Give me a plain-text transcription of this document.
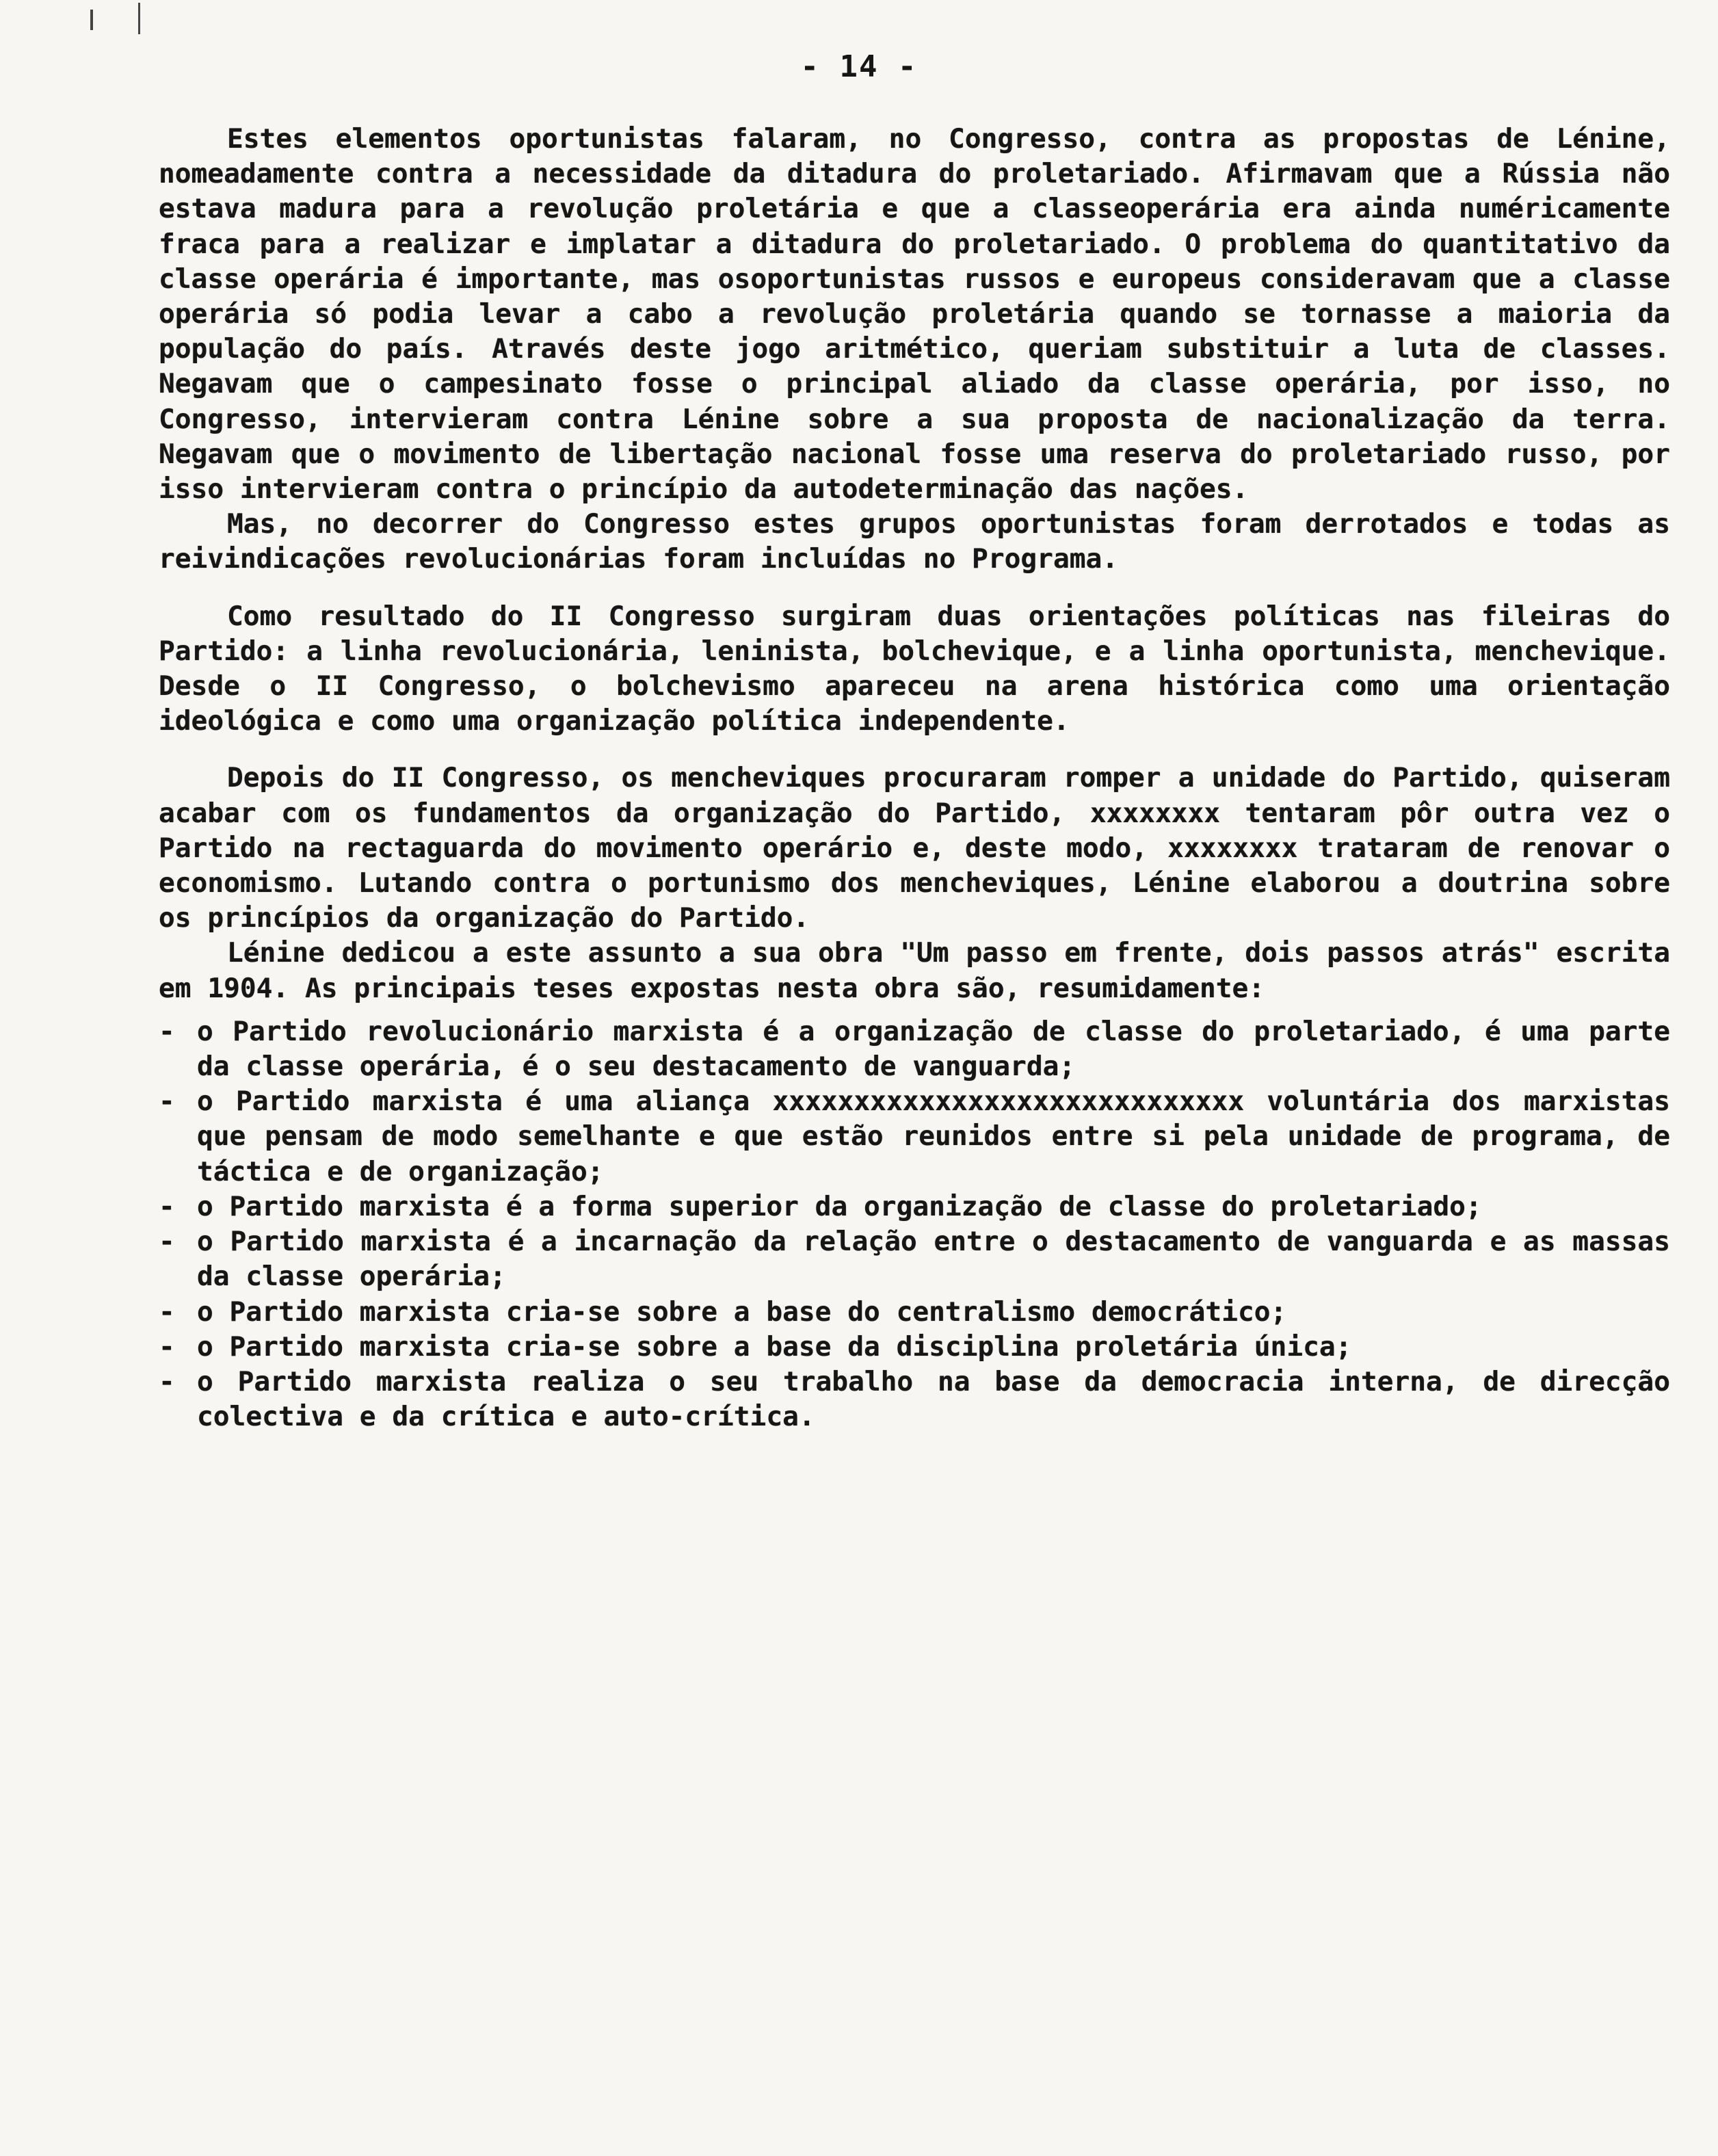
- 14 -

Estes elementos oportunistas falaram, no Congresso, contra as propostas de Lénine, nomeadamente contra a necessidade da ditadura do proletariado. Afirmavam que a Rússia não estava madura para a revolução proletária e que a classeoperária era ainda numéricamente fraca para a realizar e implatar a ditadura do proletariado. O problema do quantitativo da classe operária é importante, mas osoportunistas russos e europeus consideravam que a classe operária só podia levar a cabo a revolução proletária quando se tornasse a maioria da população do país. Através deste jogo aritmético, queriam substituir a luta de classes. Negavam que o campesinato fosse o principal aliado da classe operária, por isso, no Congresso, intervieram contra Lénine sobre a sua proposta de nacionalização da terra. Negavam que o movimento de libertação nacional fosse uma reserva do proletariado russo, por isso intervieram contra o princípio da autodeterminação das nações.

Mas, no decorrer do Congresso estes grupos oportunistas foram derrotados e todas as reivindicações revolucionárias foram incluídas no Programa.

Como resultado do II Congresso surgiram duas orientações políticas nas fileiras do Partido: a linha revolucionária, leninista, bolchevique, e a linha oportunista, menchevique. Desde o II Congresso, o bolchevismo apareceu na arena histórica como uma orientação ideológica e como uma organização política independente.

Depois do II Congresso, os mencheviques procuraram romper a unidade do Partido, quiseram acabar com os fundamentos da organização do Partido, xxxxxxxx tentaram pôr outra vez o Partido na rectaguarda do movimento operário e, deste modo, xxxxxxxx trataram de renovar o economismo. Lutando contra o portunismo dos mencheviques, Lénine elaborou a doutrina sobre os princípios da organização do Partido.

Lénine dedicou a este assunto a sua obra "Um passo em frente, dois passos atrás" escrita em 1904. As principais teses expostas nesta obra são, resumidamente:

- o Partido revolucionário marxista é a organização de classe do proletariado, é uma parte da classe operária, é o seu destacamento de vanguarda;
- o Partido marxista é uma aliança xxxxxxxxxxxxxxxxxxxxxxxxxxxxx voluntária dos marxistas que pensam de modo semelhante e que estão reunidos entre si pela unidade de programa, de táctica e de organização;
- o Partido marxista é a forma superior da organização de classe do proletariado;
- o Partido marxista é a incarnação da relação entre o destacamento de vanguarda e as massas da classe operária;
- o Partido marxista cria-se sobre a base do centralismo democrático;
- o Partido marxista cria-se sobre a base da disciplina proletária única;
- o Partido marxista realiza o seu trabalho na base da democracia interna, de direcção colectiva e da crítica e auto-crítica.
